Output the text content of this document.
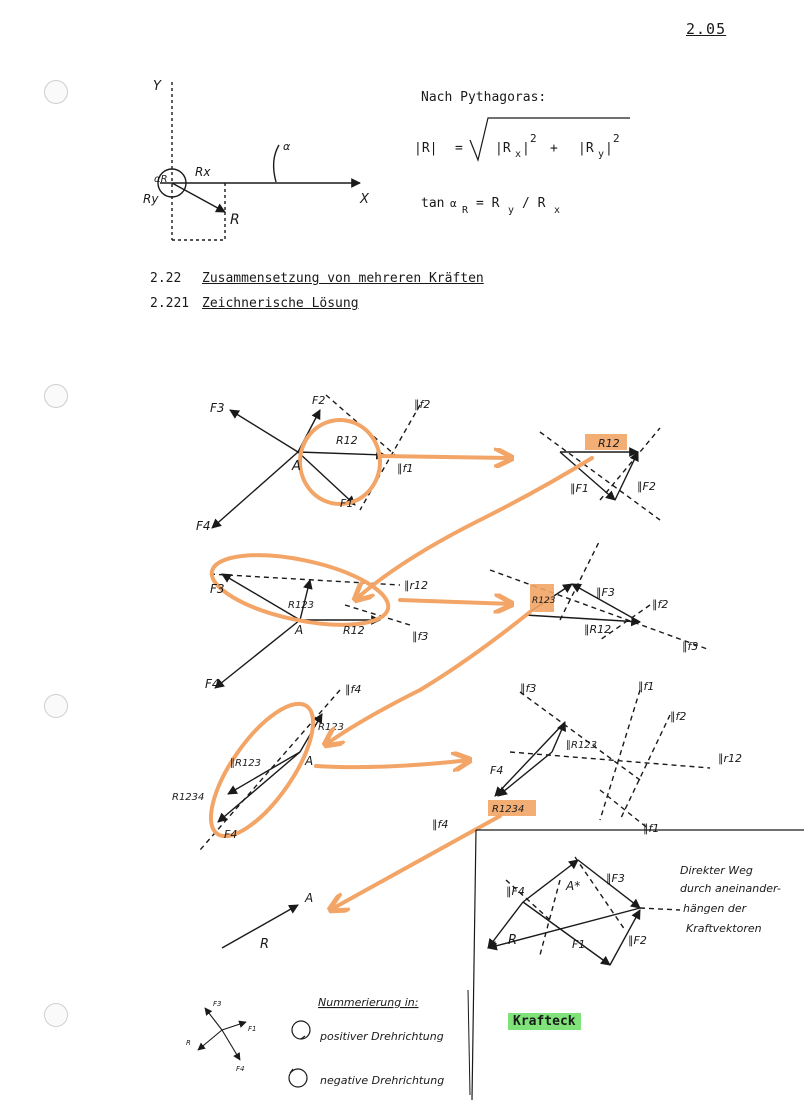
2.05
Nach Pythagoras:
2.22 Zusammensetzung von mehreren Kräften
2.221 Zeichnerische Lösung
Krafteck
Y
X
Rx
Ry
R
α
αR
|R| = |R x |
2
+ |R y |
2
tan α
R = R y / R x
F3
F2	∥f2
R12
∥f1
A
F1
F4
R12
∥F1	∥F2
F3
R123
A	R12
∥r12
∥f3
F4
R123
∥F3
∥f2
∥R12
∥f3
∥f4
R123
∥R123	A
R1234
F4
∥f3	∥f1
∥f2
∥R123
∥r12
F4
R1234
∥f4	∥f1
A
R
∥F4	A*
∥F3
R	F1	∥F2
Direkter Weg
durch aneinander-
hängen der
Kraftvektoren
F3
F1
R
F4
Nummerierung in:
positiver Drehrichtung
negative Drehrichtung
